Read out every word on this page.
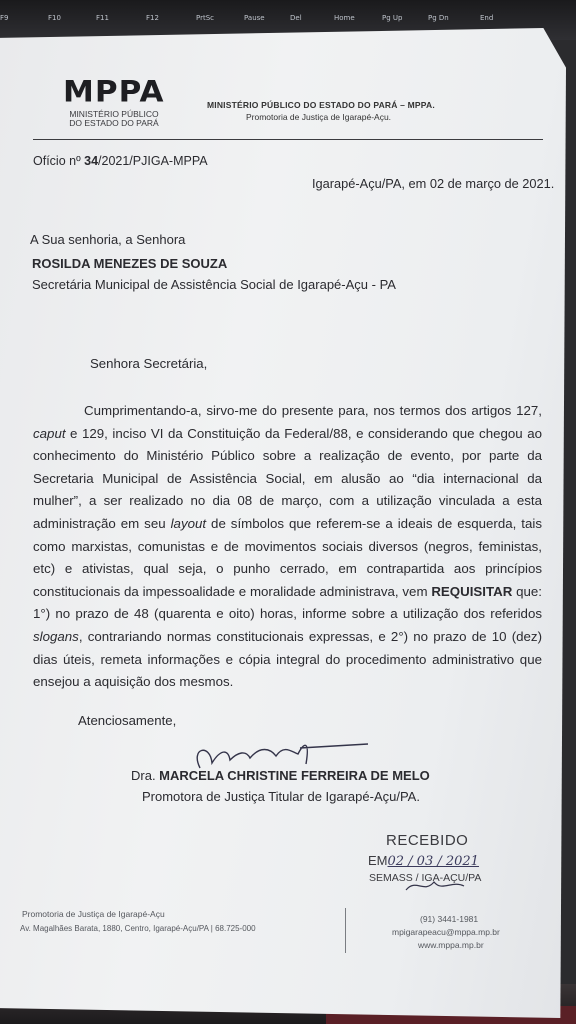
F9	F10	F11	F12	PrtSc	Pause	Del	Home	Pg Up	Pg Dn	End
MPPA
MINISTÉRIO PÚBLICO
DO ESTADO DO PARÁ
MINISTÉRIO PÚBLICO DO ESTADO DO PARÁ – MPPA.
Promotoria de Justiça de Igarapé-Açu.
Ofício nº 34/2021/PJIGA-MPPA
Igarapé-Açu/PA, em 02 de março de 2021.
A Sua senhoria, a Senhora
ROSILDA MENEZES DE SOUZA
Secretária Municipal de Assistência Social de Igarapé-Açu - PA
Senhora Secretária,
Cumprimentando-a, sirvo-me do presente para, nos termos dos artigos 127, caput e 129, inciso VI da Constituição da Federal/88, e considerando que chegou ao conhecimento do Ministério Público sobre a realização de evento, por parte da Secretaria Municipal de Assistência Social, em alusão ao “dia internacional da mulher”, a ser realizado no dia 08 de março, com a utilização vinculada a esta administração em seu layout de símbolos que referem-se a ideais de esquerda, tais como marxistas, comunistas e de movimentos sociais diversos (negros, feministas, etc) e ativistas, qual seja, o punho cerrado, em contrapartida aos princípios constitucionais da impessoalidade e moralidade administrava, vem REQUISITAR que: 1°) no prazo de 48 (quarenta e oito) horas, informe sobre a utilização dos referidos slogans, contrariando normas constitucionais expressas, e 2°) no prazo de 10 (dez) dias úteis, remeta informações e cópia integral do procedimento administrativo que ensejou a aquisição dos mesmos.
Atenciosamente,
Dra. MARCELA CHRISTINE FERREIRA DE MELO
Promotora de Justiça Titular de Igarapé-Açu/PA.
RECEBIDO
EM02 / 03 / 2021
SEMASS / IGA-AÇU/PA
Promotoria de Justiça de Igarapé-Açu
Av. Magalhães Barata, 1880, Centro, Igarapé-Açu/PA | 68.725-000
(91) 3441-1981
mpigarapeacu@mppa.mp.br
www.mppa.mp.br
